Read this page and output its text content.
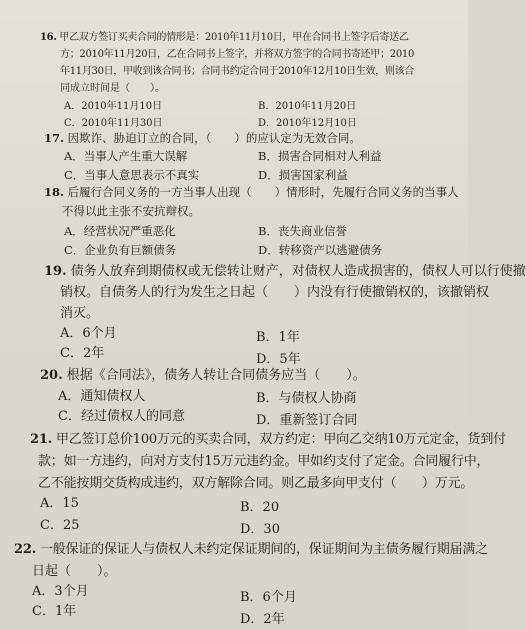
16. 甲乙双方签订买卖合同的情形是：2010年11月10日，甲在合同书上签字后寄送乙

方；2010年11月20日，乙在合同书上签字，并将双方签字的合同书寄还甲；2010

年11月30日，甲收到该合同书；合同书约定合同于2010年12月10日生效，则该合

同成立时间是（　　）。

A．2010年11月10日	B．2010年11月20日

C．2010年11月30日	D．2010年12月10日

17. 因欺诈、胁迫订立的合同，（　　）的应认定为无效合同。

A．当事人产生重大误解	B．损害合同相对人利益

C．当事人意思表示不真实	D．损害国家利益

18. 后履行合同义务的一方当事人出现（　　）情形时，先履行合同义务的当事人

不得以此主张不安抗辩权。

A．经营状况严重恶化	B．丧失商业信誉

C．企业负有巨额债务	D．转移资产以逃避债务

19. 债务人放弃到期债权或无偿转让财产，对债权人造成损害的，债权人可以行使撤

销权。自债务人的行为发生之日起（　　）内没有行使撤销权的，该撤销权

消灭。

A．6个月	B．1年

C．2年	D．5年

20. 根据《合同法》，债务人转让合同债务应当（　　）。

A．通知债权人	B．与债权人协商

C．经过债权人的同意	D．重新签订合同

21. 甲乙签订总价100万元的买卖合同，双方约定：甲向乙交纳10万元定金，货到付

款；如一方违约，向对方支付15万元违约金。甲如约支付了定金。合同履行中，

乙不能按期交货构成违约，双方解除合同。则乙最多向甲支付（　　）万元。

A．15	B．20

C．25	D．30

22. 一般保证的保证人与债权人未约定保证期间的，保证期间为主债务履行期届满之

日起（　　）。

A．3个月	B．6个月

C．1年

D．2年
